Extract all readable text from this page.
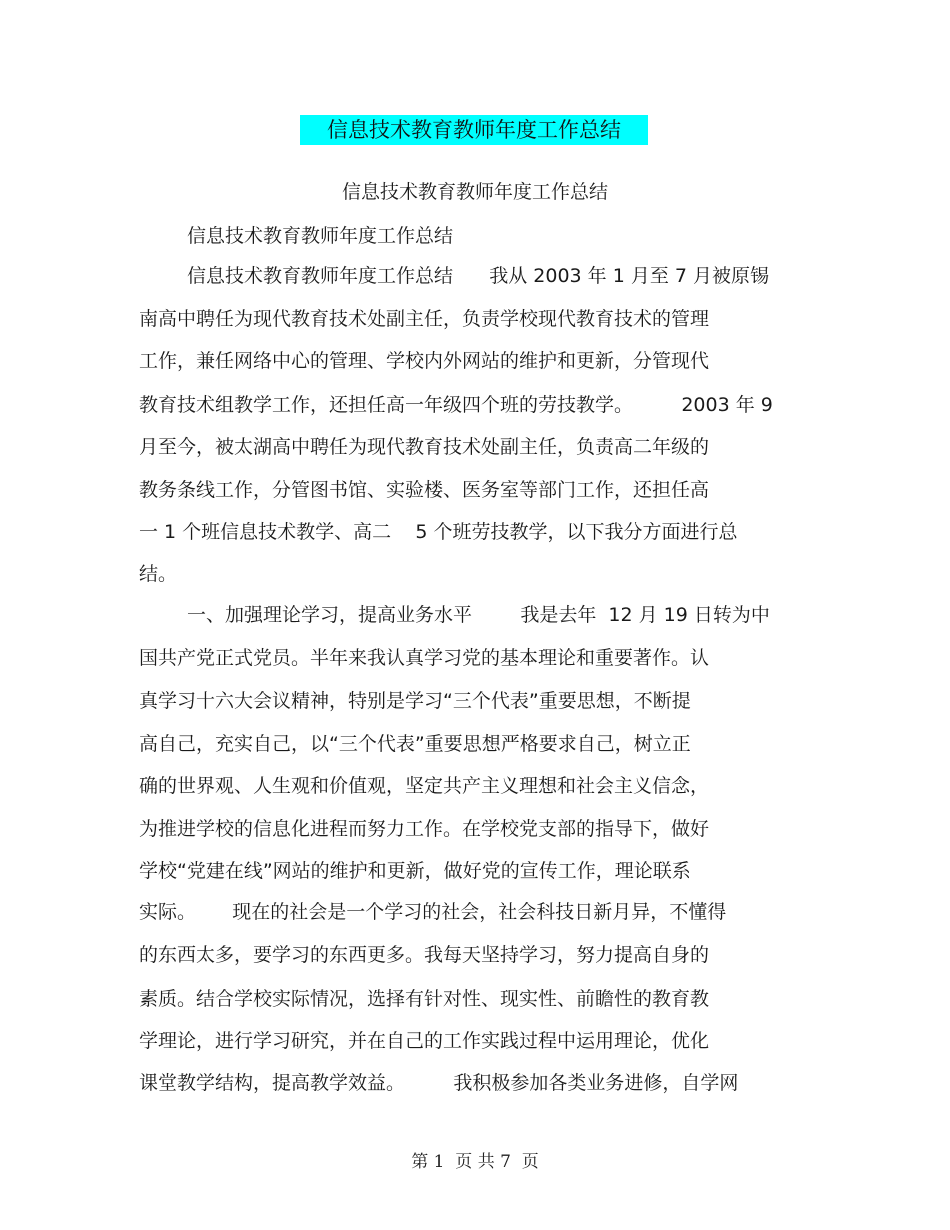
信息技术教育教师年度工作总结
信息技术教育教师年度工作总结
信息技术教育教师年度工作总结
信息技术教育教师年度工作总结      我从 2003 年 1 月至 7 月被原锡
南高中聘任为现代教育技术处副主任，负责学校现代教育技术的管理
工作，兼任网络中心的管理、学校内外网站的维护和更新，分管现代
教育技术组教学工作，还担任高一年级四个班的劳技教学。        2003 年 9
月至今，被太湖高中聘任为现代教育技术处副主任，负责高二年级的
教务条线工作，分管图书馆、实验楼、医务室等部门工作，还担任高
一 1 个班信息技术教学、高二    5 个班劳技教学，以下我分方面进行总
结。
一、加强理论学习，提高业务水平        我是去年  12 月 19 日转为中
国共产党正式党员。半年来我认真学习党的基本理论和重要著作。认
真学习十六大会议精神，特别是学习“三个代表”重要思想，不断提
高自己，充实自己，以“三个代表”重要思想严格要求自己，树立正
确的世界观、人生观和价值观，坚定共产主义理想和社会主义信念，
为推进学校的信息化进程而努力工作。在学校党支部的指导下，做好
学校“党建在线”网站的维护和更新，做好党的宣传工作，理论联系
实际。      现在的社会是一个学习的社会，社会科技日新月异，不懂得
的东西太多，要学习的东西更多。我每天坚持学习，努力提高自身的
素质。结合学校实际情况，选择有针对性、现实性、前瞻性的教育教
学理论，进行学习研究，并在自己的工作实践过程中运用理论，优化
课堂教学结构，提高教学效益。        我积极参加各类业务进修，自学网
第 1  页 共 7  页
